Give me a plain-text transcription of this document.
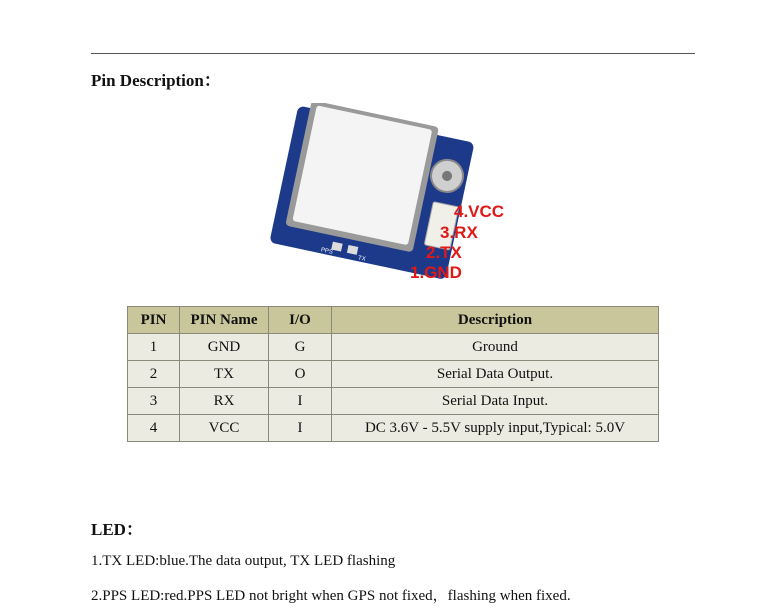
Pin Description：
PPS
TX
4.VCC
3.RX
2.TX
1.GND
PIN	PIN Name	I/O	Description
1	GND	G	Ground
2	TX	O	Serial Data Output.
3	RX	I	Serial Data Input.
4	VCC	I	DC 3.6V - 5.5V supply input,Typical: 5.0V
LED：
1.TX LED:blue.The data output, TX LED flashing
2.PPS LED:red.PPS LED not bright when GPS not fixed，flashing when fixed.
